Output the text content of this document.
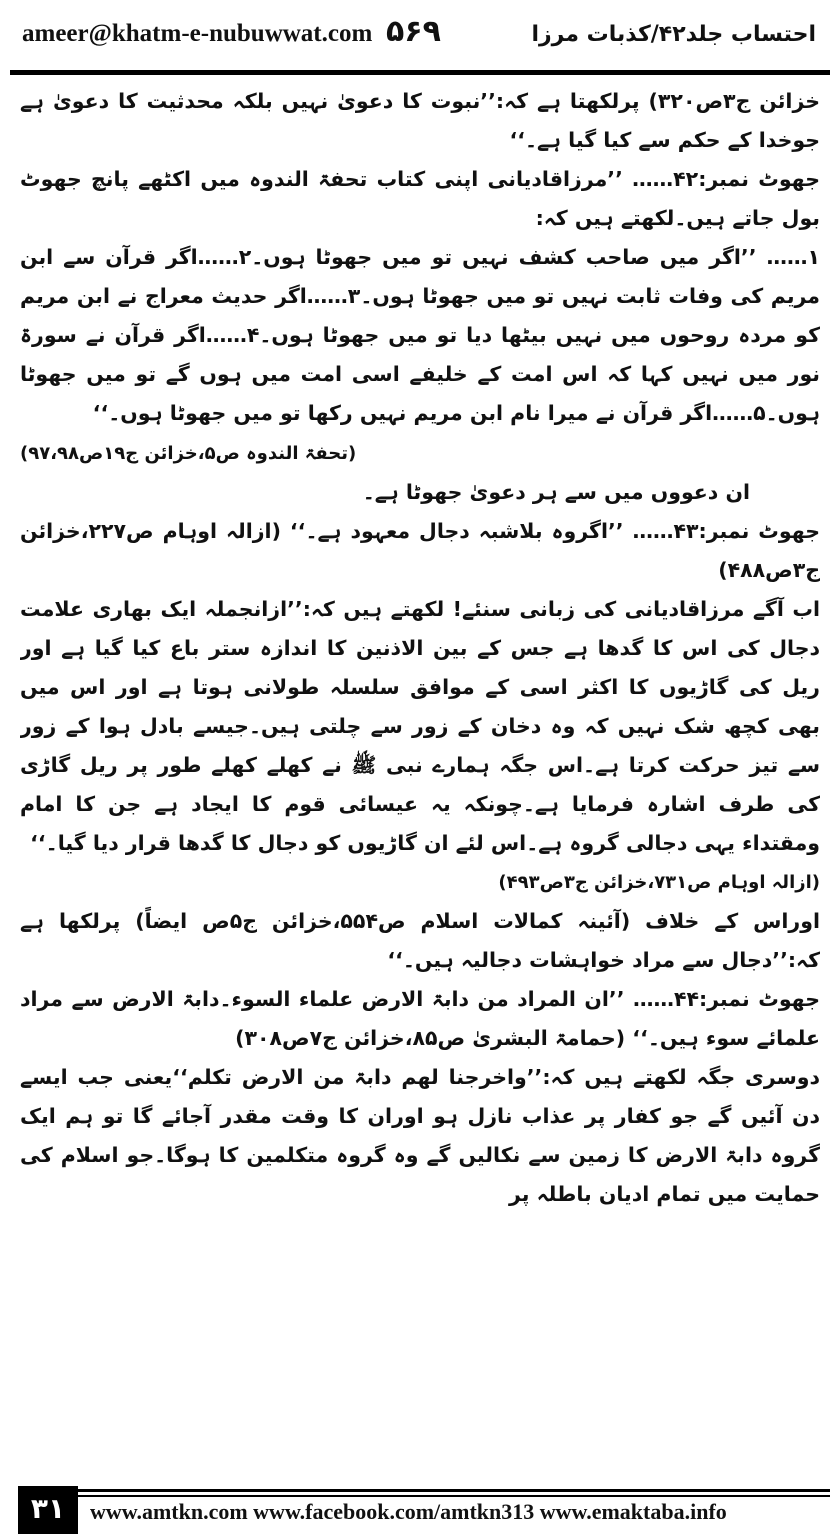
ameer@khatm-e-nubuwwat.com ۵۶۹	احتساب جلد۴۲/کذبات مرزا

خزائن ج۳ص۳۲۰) پرلکھتا ہے کہ:’’نبوت کا دعویٰ نہیں بلکہ محدثیت کا دعویٰ ہے جوخدا کے حکم سے کیا گیا ہے۔‘‘

جھوٹ نمبر:۴۲…… ’’مرزاقادیانی اپنی کتاب تحفۃ الندوہ میں اکٹھے پانچ جھوٹ بول جاتے ہیں۔لکھتے ہیں کہ:

۱…… ’’اگر میں صاحب کشف نہیں تو میں جھوٹا ہوں۔۲……اگر قرآن سے ابن مریم کی وفات ثابت نہیں تو میں جھوٹا ہوں۔۳……اگر حدیث معراج نے ابن مریم کو مردہ روحوں میں نہیں بیٹھا دیا تو میں جھوٹا ہوں۔۴……اگر قرآن نے سورۃ نور میں نہیں کہا کہ اس امت کے خلیفے اسی امت میں ہوں گے تو میں جھوٹا ہوں۔۵……اگر قرآن نے میرا نام ابن مریم نہیں رکھا تو میں جھوٹا ہوں۔‘‘

(تحفۃ الندوہ ص۵،خزائن ج۱۹ص۹۷،۹۸)

ان دعووں میں سے ہر دعویٰ جھوٹا ہے۔

جھوٹ نمبر:۴۳…… ’’اگروہ بلاشبہ دجال معہود ہے۔‘‘ (ازالہ اوہام ص۲۲۷،خزائن ج۳ص۴۸۸)

اب آگے مرزاقادیانی کی زبانی سنئے! لکھتے ہیں کہ:’’ازانجملہ ایک بھاری علامت دجال کی اس کا گدھا ہے جس کے بین الاذنین کا اندازہ ستر باع کیا گیا ہے اور ریل کی گاڑیوں کا اکثر اسی کے موافق سلسلہ طولانی ہوتا ہے اور اس میں بھی کچھ شک نہیں کہ وہ دخان کے زور سے چلتی ہیں۔جیسے بادل ہوا کے زور سے تیز حرکت کرتا ہے۔اس جگہ ہمارے نبی ﷺ نے کھلے کھلے طور پر ریل گاڑی کی طرف اشارہ فرمایا ہے۔چونکہ یہ عیسائی قوم کا ایجاد ہے جن کا امام ومقتداء یہی دجالی گروہ ہے۔اس لئے ان گاڑیوں کو دجال کا گدھا قرار دیا گیا۔‘‘

(ازالہ اوہام ص۷۳۱،خزائن ج۳ص۴۹۳)

اوراس کے خلاف (آئینہ کمالات اسلام ص۵۵۴،خزائن ج۵ص ایضاً) پرلکھا ہے کہ:’’دجال سے مراد خواہشات دجالیہ ہیں۔‘‘

جھوٹ نمبر:۴۴…… ’’ان المراد من دابۃ الارض علماء السوء۔دابۃ الارض سے مراد علمائے سوء ہیں۔‘‘ (حمامۃ البشریٰ ص۸۵،خزائن ج۷ص۳۰۸)

دوسری جگہ لکھتے ہیں کہ:’’واخرجنا لھم دابۃ من الارض تکلم‘‘یعنی جب ایسے دن آئیں گے جو کفار پر عذاب نازل ہو اوران کا وقت مقدر آجائے گا تو ہم ایک گروہ دابۃ الارض کا زمین سے نکالیں گے وہ گروہ متکلمین کا ہوگا۔جو اسلام کی حمایت میں تمام ادیان باطلہ پر

۳۱	www.amtkn.com www.facebook.com/amtkn313 www.emaktaba.info
